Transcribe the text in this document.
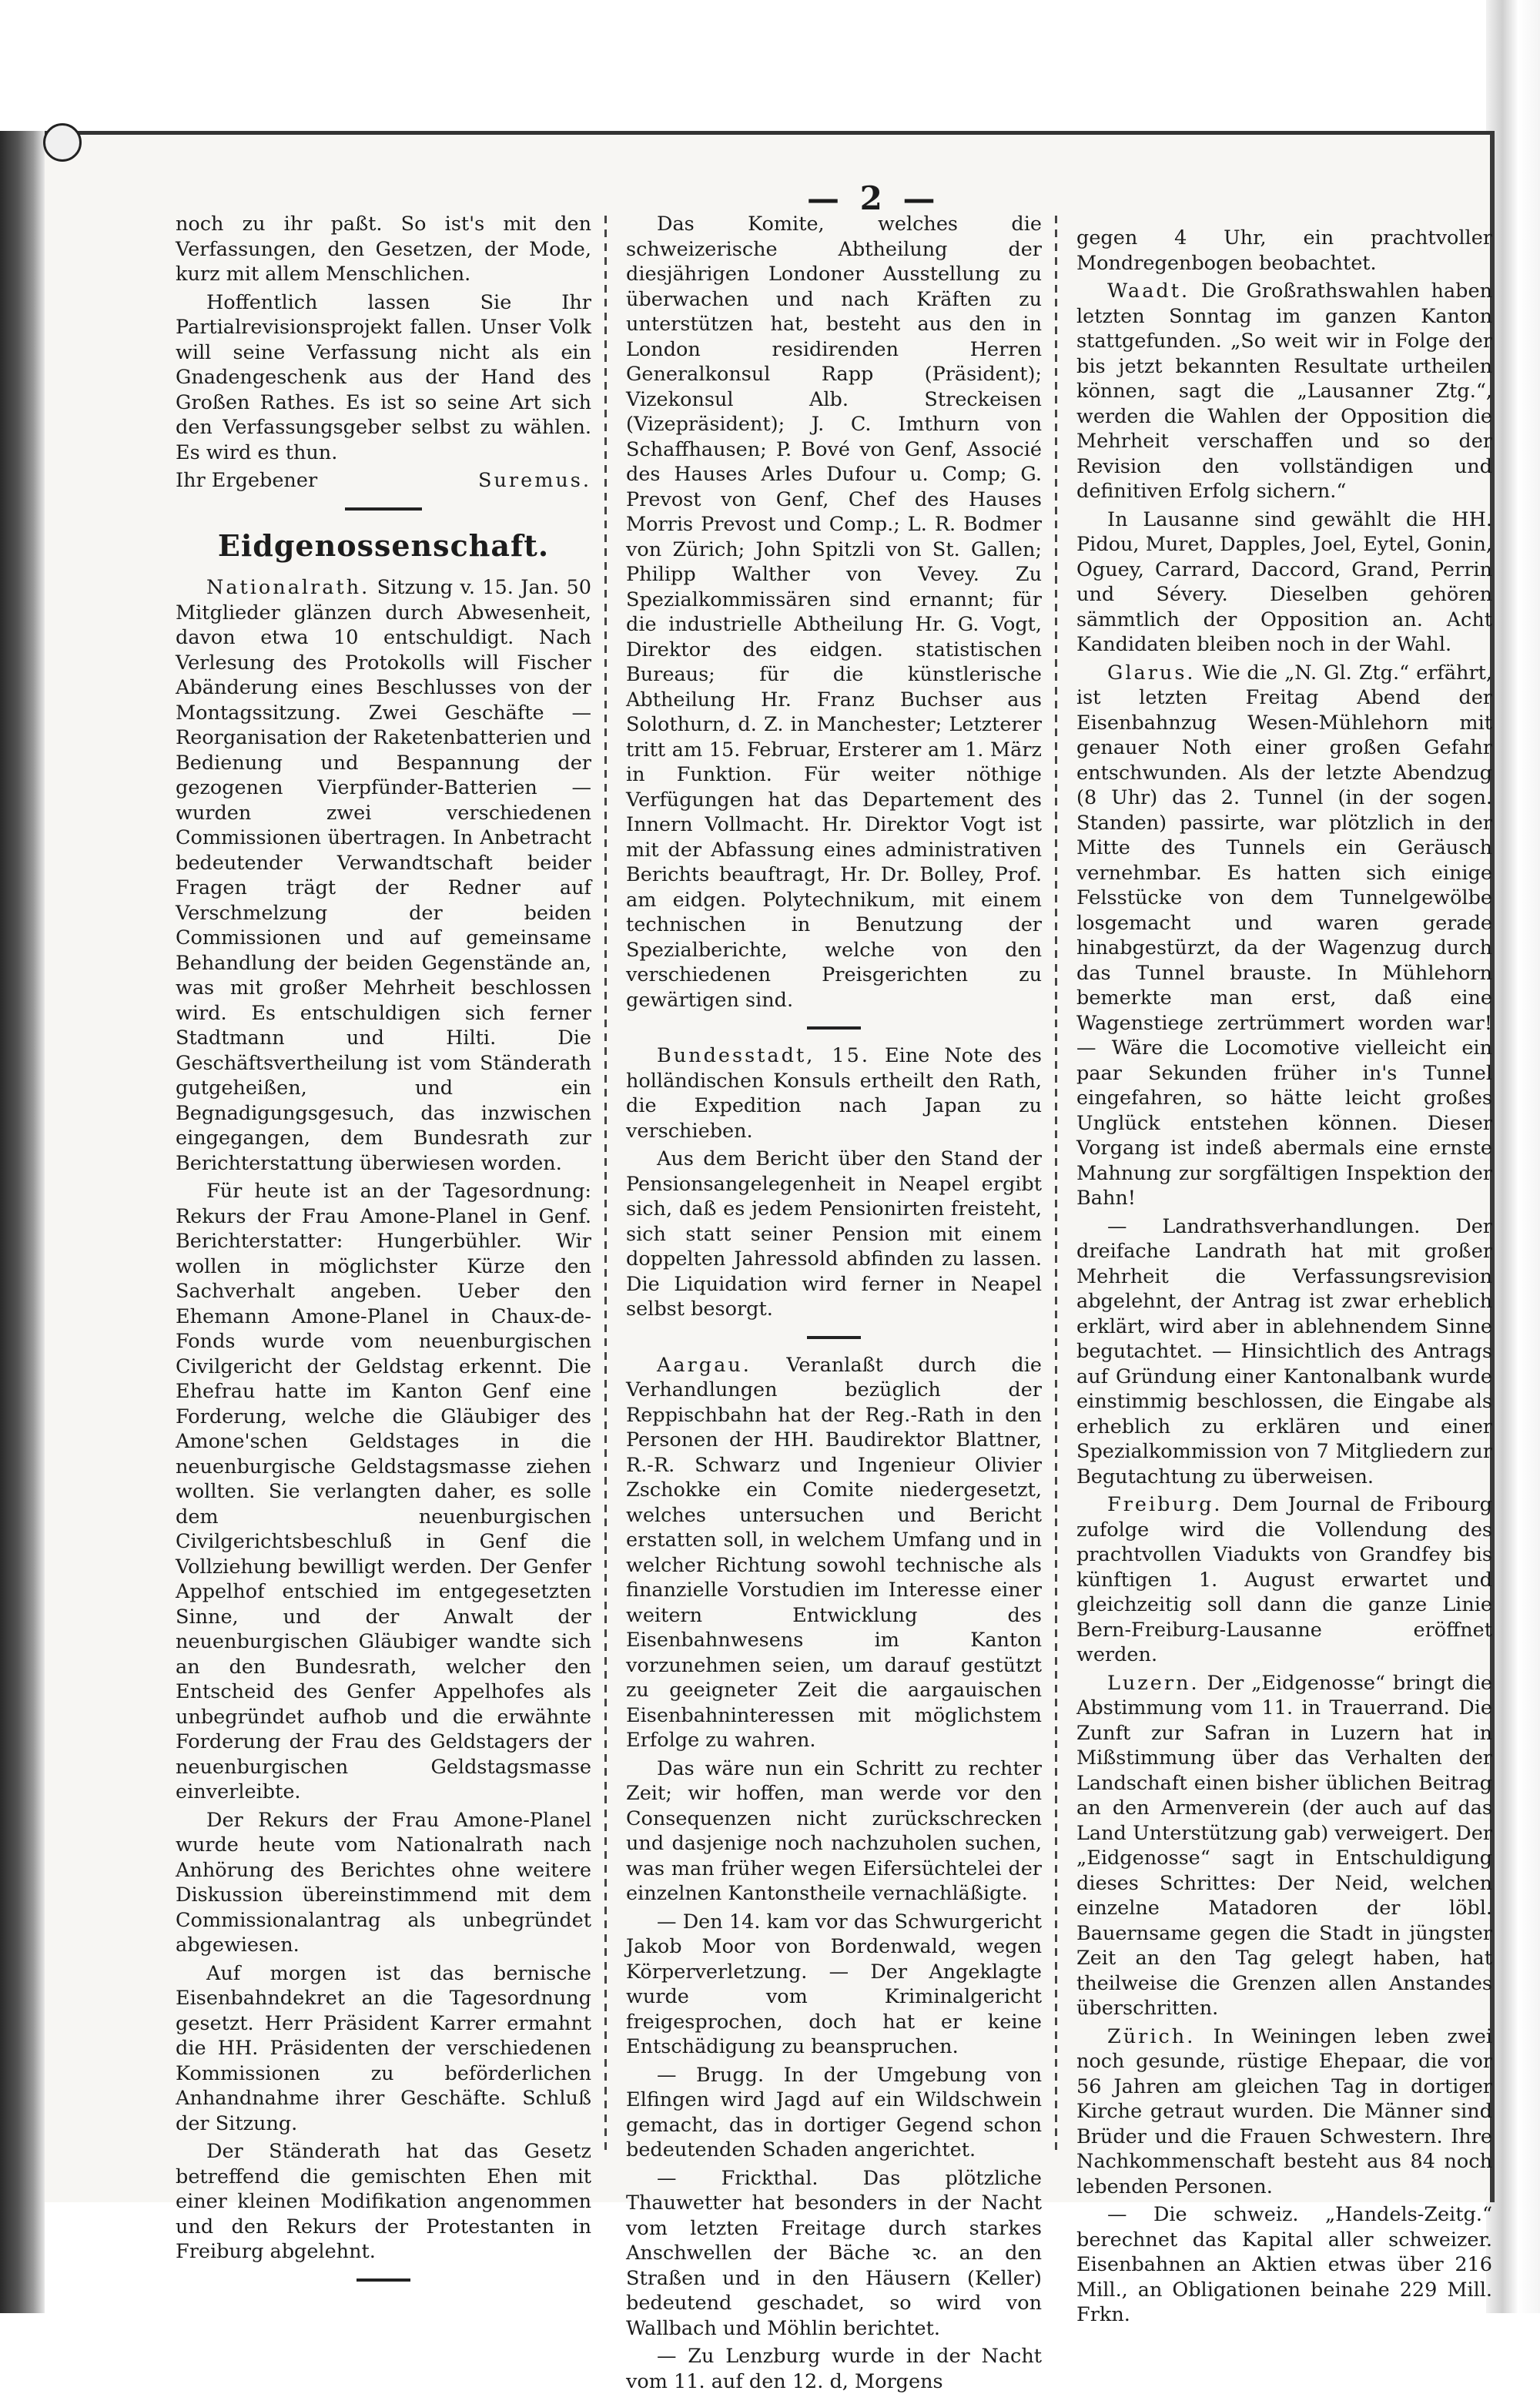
— 2 —

noch zu ihr paßt. So ist's mit den Verfassungen, den Gesetzen, der Mode, kurz mit allem Menschlichen.

Hoffentlich lassen Sie Ihr Partialrevisionsprojekt fallen. Unser Volk will seine Verfassung nicht als ein Gnadengeschenk aus der Hand des Großen Rathes. Es ist so seine Art sich den Verfassungsgeber selbst zu wählen. Es wird es thun.

Ihr Ergebener	Suremus.

Eidgenossenschaft.

Nationalrath. Sitzung v. 15. Jan. 50 Mitglieder glänzen durch Abwesenheit, davon etwa 10 entschuldigt. Nach Verlesung des Protokolls will Fischer Abänderung eines Beschlusses von der Montagssitzung. Zwei Geschäfte — Reorganisation der Raketenbatterien und Bedienung und Bespannung der gezogenen Vierpfünder-Batterien — wurden zwei verschiedenen Commissionen übertragen. In Anbetracht bedeutender Verwandtschaft beider Fragen trägt der Redner auf Verschmelzung der beiden Commissionen und auf gemeinsame Behandlung der beiden Gegenstände an, was mit großer Mehrheit beschlossen wird. Es entschuldigen sich ferner Stadtmann und Hilti. Die Geschäftsvertheilung ist vom Ständerath gutgeheißen, und ein Begnadigungsgesuch, das inzwischen eingegangen, dem Bundesrath zur Berichterstattung überwiesen worden.

Für heute ist an der Tagesordnung: Rekurs der Frau Amone-Planel in Genf. Berichterstatter: Hungerbühler. Wir wollen in möglichster Kürze den Sachverhalt angeben. Ueber den Ehemann Amone-Planel in Chaux-de-Fonds wurde vom neuenburgischen Civilgericht der Geldstag erkennt. Die Ehefrau hatte im Kanton Genf eine Forderung, welche die Gläubiger des Amone'schen Geldstages in die neuenburgische Geldstagsmasse ziehen wollten. Sie verlangten daher, es solle dem neuenburgischen Civilgerichtsbeschluß in Genf die Vollziehung bewilligt werden. Der Genfer Appelhof entschied im entgegesetzten Sinne, und der Anwalt der neuenburgischen Gläubiger wandte sich an den Bundesrath, welcher den Entscheid des Genfer Appelhofes als unbegründet aufhob und die erwähnte Forderung der Frau des Geldstagers der neuenburgischen Geldstagsmasse einverleibte.

Der Rekurs der Frau Amone-Planel wurde heute vom Nationalrath nach Anhörung des Berichtes ohne weitere Diskussion übereinstimmend mit dem Commissionalantrag als unbegründet abgewiesen.

Auf morgen ist das bernische Eisenbahndekret an die Tagesordnung gesetzt. Herr Präsident Karrer ermahnt die HH. Präsidenten der verschiedenen Kommissionen zu beförderlichen Anhandnahme ihrer Geschäfte. Schluß der Sitzung.

Der Ständerath hat das Gesetz betreffend die gemischten Ehen mit einer kleinen Modifikation angenommen und den Rekurs der Protestanten in Freiburg abgelehnt.

Das Komite, welches die schweizerische Abtheilung der diesjährigen Londoner Ausstellung zu überwachen und nach Kräften zu unterstützen hat, besteht aus den in London residirenden Herren Generalkonsul Rapp (Präsident); Vizekonsul Alb. Streckeisen (Vizepräsident); J. C. Imthurn von Schaffhausen; P. Bové von Genf, Associé des Hauses Arles Dufour u. Comp; G. Prevost von Genf, Chef des Hauses Morris Prevost und Comp.; L. R. Bodmer von Zürich; John Spitzli von St. Gallen; Philipp Walther von Vevey. Zu Spezialkommissären sind ernannt; für die industrielle Abtheilung Hr. G. Vogt, Direktor des eidgen. statistischen Bureaus; für die künstlerische Abtheilung Hr. Franz Buchser aus Solothurn, d. Z. in Manchester; Letzterer tritt am 15. Februar, Ersterer am 1. März in Funktion. Für weiter nöthige Verfügungen hat das Departement des Innern Vollmacht. Hr. Direktor Vogt ist mit der Abfassung eines administrativen Berichts beauftragt, Hr. Dr. Bolley, Prof. am eidgen. Polytechnikum, mit einem technischen in Benutzung der Spezialberichte, welche von den verschiedenen Preisgerichten zu gewärtigen sind.

Bundesstadt, 15. Eine Note des holländischen Konsuls ertheilt den Rath, die Expedition nach Japan zu verschieben.

Aus dem Bericht über den Stand der Pensionsangelegenheit in Neapel ergibt sich, daß es jedem Pensionirten freisteht, sich statt seiner Pension mit einem doppelten Jahressold abfinden zu lassen. Die Liquidation wird ferner in Neapel selbst besorgt.

Aargau. Veranlaßt durch die Verhandlungen bezüglich der Reppischbahn hat der Reg.-Rath in den Personen der HH. Baudirektor Blattner, R.-R. Schwarz und Ingenieur Olivier Zschokke ein Comite niedergesetzt, welches untersuchen und Bericht erstatten soll, in welchem Umfang und in welcher Richtung sowohl technische als finanzielle Vorstudien im Interesse einer weitern Entwicklung des Eisenbahnwesens im Kanton vorzunehmen seien, um darauf gestützt zu geeigneter Zeit die aargauischen Eisenbahninteressen mit möglichstem Erfolge zu wahren.

Das wäre nun ein Schritt zu rechter Zeit; wir hoffen, man werde vor den Consequenzen nicht zurückschrecken und dasjenige noch nachzuholen suchen, was man früher wegen Eifersüchtelei der einzelnen Kantonstheile vernachläßigte.

— Den 14. kam vor das Schwurgericht Jakob Moor von Bordenwald, wegen Körperverletzung. — Der Angeklagte wurde vom Kriminalgericht freigesprochen, doch hat er keine Entschädigung zu beanspruchen.

— Brugg. In der Umgebung von Elfingen wird Jagd auf ein Wildschwein gemacht, das in dortiger Gegend schon bedeutenden Schaden angerichtet.

— Frickthal. Das plötzliche Thauwetter hat besonders in der Nacht vom letzten Freitage durch starkes Anschwellen der Bäche ꝛc. an den Straßen und in den Häusern (Keller) bedeutend geschadet, so wird von Wallbach und Möhlin berichtet.

— Zu Lenzburg wurde in der Nacht vom 11. auf den 12. d, Morgens

gegen 4 Uhr, ein prachtvoller Mondregenbogen beobachtet.

Waadt. Die Großrathswahlen haben letzten Sonntag im ganzen Kanton stattgefunden. „So weit wir in Folge der bis jetzt bekannten Resultate urtheilen können, sagt die „Lausanner Ztg.“, werden die Wahlen der Opposition die Mehrheit verschaffen und so der Revision den vollständigen und definitiven Erfolg sichern.“

In Lausanne sind gewählt die HH. Pidou, Muret, Dapples, Joel, Eytel, Gonin, Oguey, Carrard, Daccord, Grand, Perrin und Sévery. Dieselben gehören sämmtlich der Opposition an. Acht Kandidaten bleiben noch in der Wahl.

Glarus. Wie die „N. Gl. Ztg.“ erfährt, ist letzten Freitag Abend der Eisenbahnzug Wesen-Mühlehorn mit genauer Noth einer großen Gefahr entschwunden. Als der letzte Abendzug (8 Uhr) das 2. Tunnel (in der sogen. Standen) passirte, war plötzlich in der Mitte des Tunnels ein Geräusch vernehmbar. Es hatten sich einige Felsstücke von dem Tunnelgewölbe losgemacht und waren gerade hinabgestürzt, da der Wagenzug durch das Tunnel brauste. In Mühlehorn bemerkte man erst, daß eine Wagenstiege zertrümmert worden war! — Wäre die Locomotive vielleicht ein paar Sekunden früher in's Tunnel eingefahren, so hätte leicht großes Unglück entstehen können. Dieser Vorgang ist indeß abermals eine ernste Mahnung zur sorgfältigen Inspektion der Bahn!

— Landrathsverhandlungen. Der dreifache Landrath hat mit großer Mehrheit die Verfassungsrevision abgelehnt, der Antrag ist zwar erheblich erklärt, wird aber in ablehnendem Sinne begutachtet. — Hinsichtlich des Antrags auf Gründung einer Kantonalbank wurde einstimmig beschlossen, die Eingabe als erheblich zu erklären und einer Spezialkommission von 7 Mitgliedern zur Begutachtung zu überweisen.

Freiburg. Dem Journal de Fribourg zufolge wird die Vollendung des prachtvollen Viadukts von Grandfey bis künftigen 1. August erwartet und gleichzeitig soll dann die ganze Linie Bern-Freiburg-Lausanne eröffnet werden.

Luzern. Der „Eidgenosse“ bringt die Abstimmung vom 11. in Trauerrand. Die Zunft zur Safran in Luzern hat in Mißstimmung über das Verhalten der Landschaft einen bisher üblichen Beitrag an den Armenverein (der auch auf das Land Unterstützung gab) verweigert. Der „Eidgenosse“ sagt in Entschuldigung dieses Schrittes: Der Neid, welchen einzelne Matadoren der löbl. Bauernsame gegen die Stadt in jüngster Zeit an den Tag gelegt haben, hat theilweise die Grenzen allen Anstandes überschritten.

Zürich. In Weiningen leben zwei noch gesunde, rüstige Ehepaar, die vor 56 Jahren am gleichen Tag in dortiger Kirche getraut wurden. Die Männer sind Brüder und die Frauen Schwestern. Ihre Nachkommenschaft besteht aus 84 noch lebenden Personen.

— Die schweiz. „Handels-Zeitg.“ berechnet das Kapital aller schweizer. Eisenbahnen an Aktien etwas über 216 Mill., an Obligationen beinahe 229 Mill. Frkn.
